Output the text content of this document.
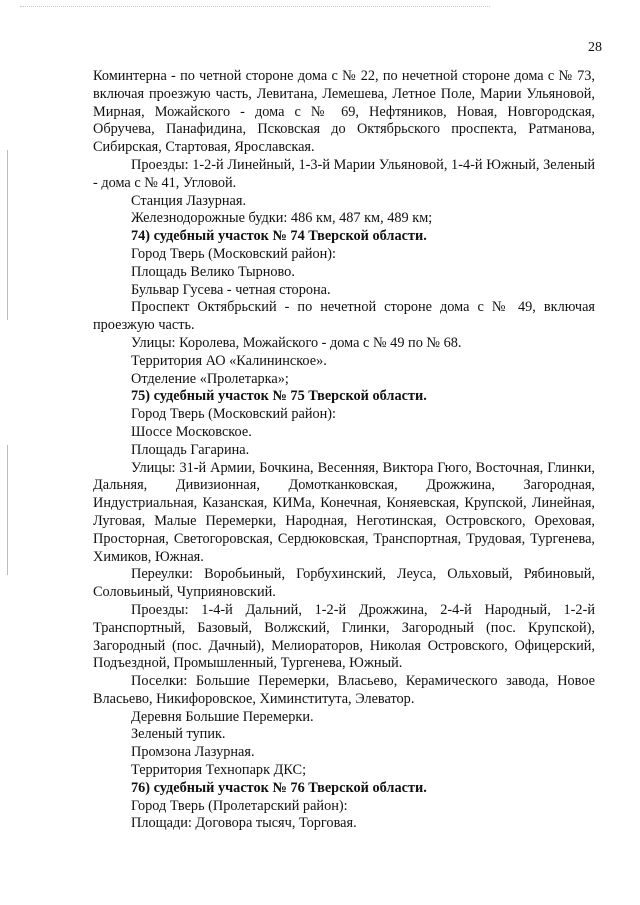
28

Коминтерна - по четной стороне дома с № 22, по нечетной стороне дома с № 73, включая проезжую часть, Левитана, Лемешева, Летное Поле, Марии Ульяновой, Мирная, Можайского - дома с № 69, Нефтяников, Новая, Новгородская, Обручева, Панафидина, Псковская до Октябрьского проспекта, Ратманова, Сибирская, Стартовая, Ярославская.

Проезды: 1-2-й Линейный, 1-3-й Марии Ульяновой, 1-4-й Южный, Зеленый - дома с № 41, Угловой.

Станция Лазурная.

Железнодорожные будки: 486 км, 487 км, 489 км;

74) судебный участок № 74 Тверской области.

Город Тверь (Московский район):

Площадь Велико Тырново.

Бульвар Гусева - четная сторона.

Проспект Октябрьский - по нечетной стороне дома с № 49, включая проезжую часть.

Улицы: Королева, Можайского - дома с № 49 по № 68.

Территория АО «Калининское».

Отделение «Пролетарка»;

75) судебный участок № 75 Тверской области.

Город Тверь (Московский район):

Шоссе Московское.

Площадь Гагарина.

Улицы: 31-й Армии, Бочкина, Весенняя, Виктора Гюго, Восточная, Глинки, Дальняя, Дивизионная, Домотканковская, Дрожжина, Загородная, Индустриальная, Казанская, КИМа, Конечная, Коняевская, Крупской, Линейная, Луговая, Малые Перемерки, Народная, Неготинская, Островского, Ореховая, Просторная, Светогоровская, Сердюковская, Транспортная, Трудовая, Тургенева, Химиков, Южная.

Переулки: Воробьиный, Горбухинский, Леуса, Ольховый, Рябиновый, Соловьиный, Чуприяновский.

Проезды: 1-4-й Дальний, 1-2-й Дрожжина, 2-4-й Народный, 1-2-й Транспортный, Базовый, Волжский, Глинки, Загородный (пос. Крупской), Загородный (пос. Дачный), Мелиораторов, Николая Островского, Офицерский, Подъездной, Промышленный, Тургенева, Южный.

Поселки: Большие Перемерки, Власьево, Керамического завода, Новое Власьево, Никифоровское, Химинститута, Элеватор.

Деревня Большие Перемерки.

Зеленый тупик.

Промзона Лазурная.

Территория Технопарк ДКС;

76) судебный участок № 76 Тверской области.

Город Тверь (Пролетарский район):

Площади: Договора тысяч, Торговая.
